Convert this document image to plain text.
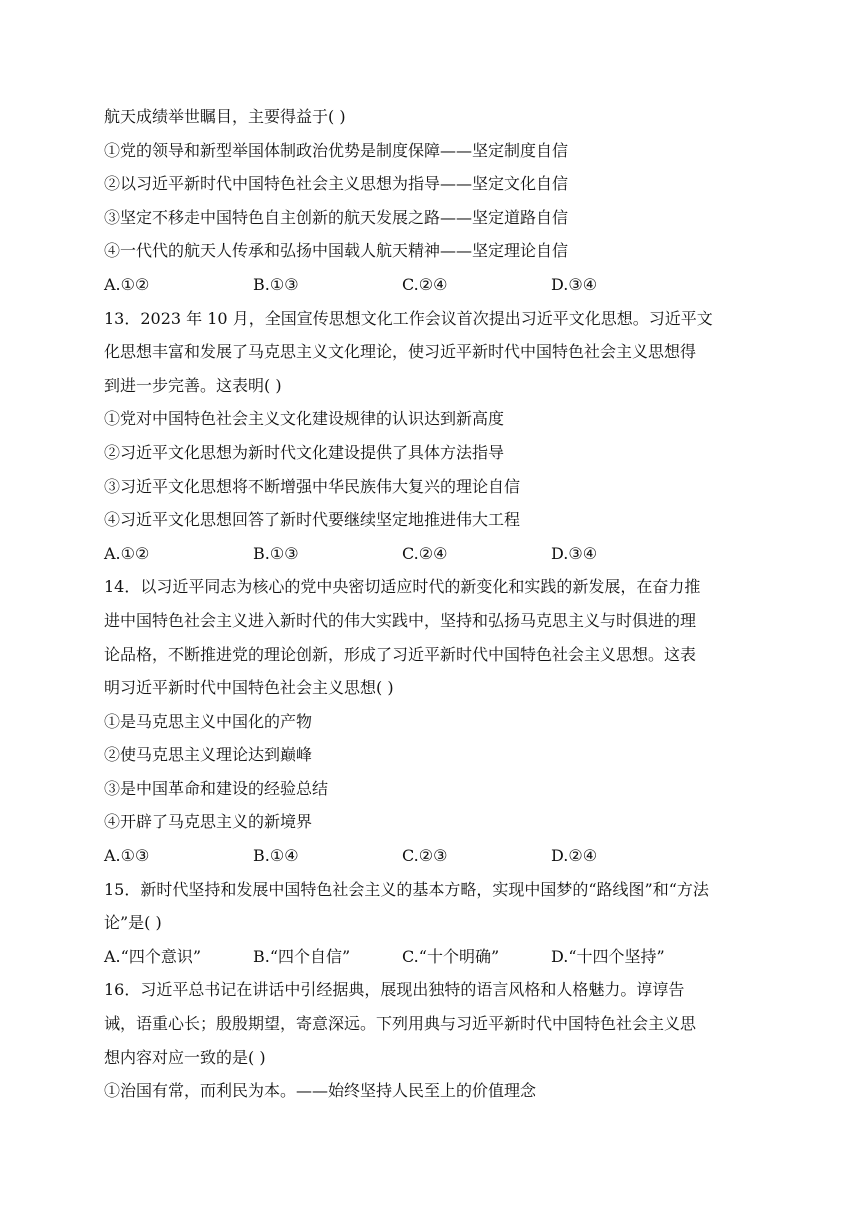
航天成绩举世瞩目，主要得益于( )
①党的领导和新型举国体制政治优势是制度保障——坚定制度自信
②以习近平新时代中国特色社会主义思想为指导——坚定文化自信
③坚定不移走中国特色自主创新的航天发展之路——坚定道路自信
④一代代的航天人传承和弘扬中国载人航天精神——坚定理论自信
A.①②	B.①③	C.②④	D.③④
13．2023 年 10 月，全国宣传思想文化工作会议首次提出习近平文化思想。习近平文
化思想丰富和发展了马克思主义文化理论，使习近平新时代中国特色社会主义思想得
到进一步完善。这表明( )
①党对中国特色社会主义文化建设规律的认识达到新高度
②习近平文化思想为新时代文化建设提供了具体方法指导
③习近平文化思想将不断增强中华民族伟大复兴的理论自信
④习近平文化思想回答了新时代要继续坚定地推进伟大工程
A.①②	B.①③	C.②④	D.③④
14．以习近平同志为核心的党中央密切适应时代的新变化和实践的新发展，在奋力推
进中国特色社会主义进入新时代的伟大实践中，坚持和弘扬马克思主义与时俱进的理
论品格，不断推进党的理论创新，形成了习近平新时代中国特色社会主义思想。这表
明习近平新时代中国特色社会主义思想( )
①是马克思主义中国化的产物
②使马克思主义理论达到巅峰
③是中国革命和建设的经验总结
④开辟了马克思主义的新境界
A.①③	B.①④	C.②③	D.②④
15．新时代坚持和发展中国特色社会主义的基本方略，实现中国梦的“路线图”和“方法
论”是( )
A.“四个意识”	B.“四个自信”	C.“十个明确”	D.“十四个坚持”
16．习近平总书记在讲话中引经据典，展现出独特的语言风格和人格魅力。谆谆告
诫，语重心长；殷殷期望，寄意深远。下列用典与习近平新时代中国特色社会主义思
想内容对应一致的是( )
①治国有常，而利民为本。——始终坚持人民至上的价值理念
